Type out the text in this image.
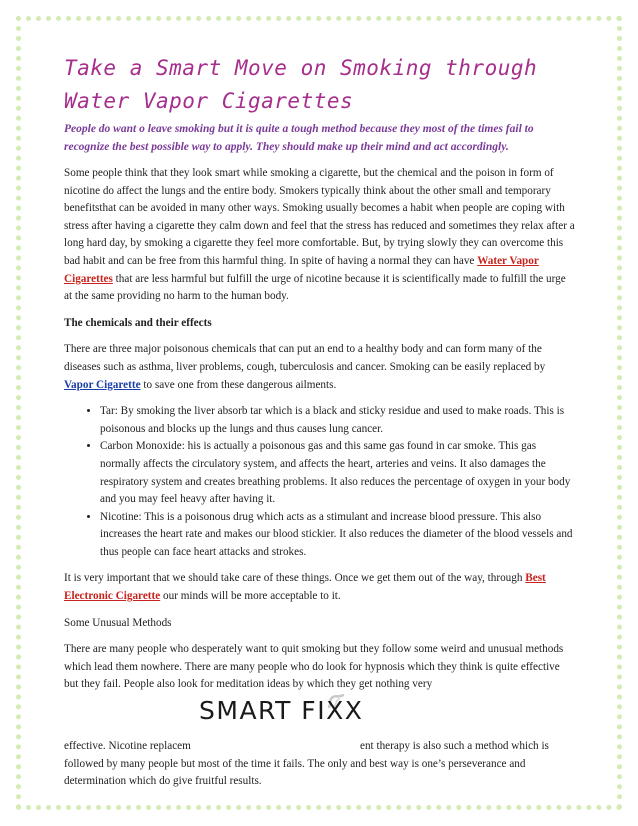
Take a Smart Move on Smoking through
Water Vapor Cigarettes

People do want o leave smoking but it is quite a tough method because they most of the times fail to recognize the best possible way to apply. They should make up their mind and act accordingly.

Some people think that they look smart while smoking a cigarette, but the chemical and the poison in form of nicotine do affect the lungs and the entire body. Smokers typically think about the other small and temporary benefitsthat can be avoided in many other ways. Smoking usually becomes a habit when people are coping with stress after having a cigarette they calm down and feel that the stress has reduced and sometimes they relax after a long hard day, by smoking a cigarette they feel more comfortable. But, by trying slowly they can overcome this bad habit and can be free from this harmful thing. In spite of having a normal they can have Water Vapor Cigarettes that are less harmful but fulfill the urge of nicotine because it is scientifically made to fulfill the urge at the same providing no harm to the human body.

The chemicals and their effects

There are three major poisonous chemicals that can put an end to a healthy body and can form many of the diseases such as asthma, liver problems, cough, tuberculosis and cancer. Smoking can be easily replaced by Vapor Cigarette to save one from these dangerous ailments.

• Tar: By smoking the liver absorb tar which is a black and sticky residue and used to make roads. This is poisonous and blocks up the lungs and thus causes lung cancer.
• Carbon Monoxide: his is actually a poisonous gas and this same gas found in car smoke. This gas normally affects the circulatory system, and affects the heart, arteries and veins. It also damages the respiratory system and creates breathing problems. It also reduces the percentage of oxygen in your body and you may feel heavy after having it.
• Nicotine: This is a poisonous drug which acts as a stimulant and increase blood pressure. This also increases the heart rate and makes our blood stickier. It also reduces the diameter of the blood vessels and thus people can face heart attacks and strokes.

It is very important that we should take care of these things. Once we get them out of the way, through Best Electronic Cigarette our minds will be more acceptable to it.

Some Unusual Methods

There are many people who desperately want to quit smoking but they follow some weird and unusual methods which lead them nowhere. There are many people who do look for hypnosis which they think is quite effective but they fail. People also look for meditation ideas by which they get nothing very

SMART FIXX
effective. Nicotine replacem	ent therapy is also such a method which is

followed by many people but most of the time it fails. The only and best way is one’s perseverance and determination which do give fruitful results.
